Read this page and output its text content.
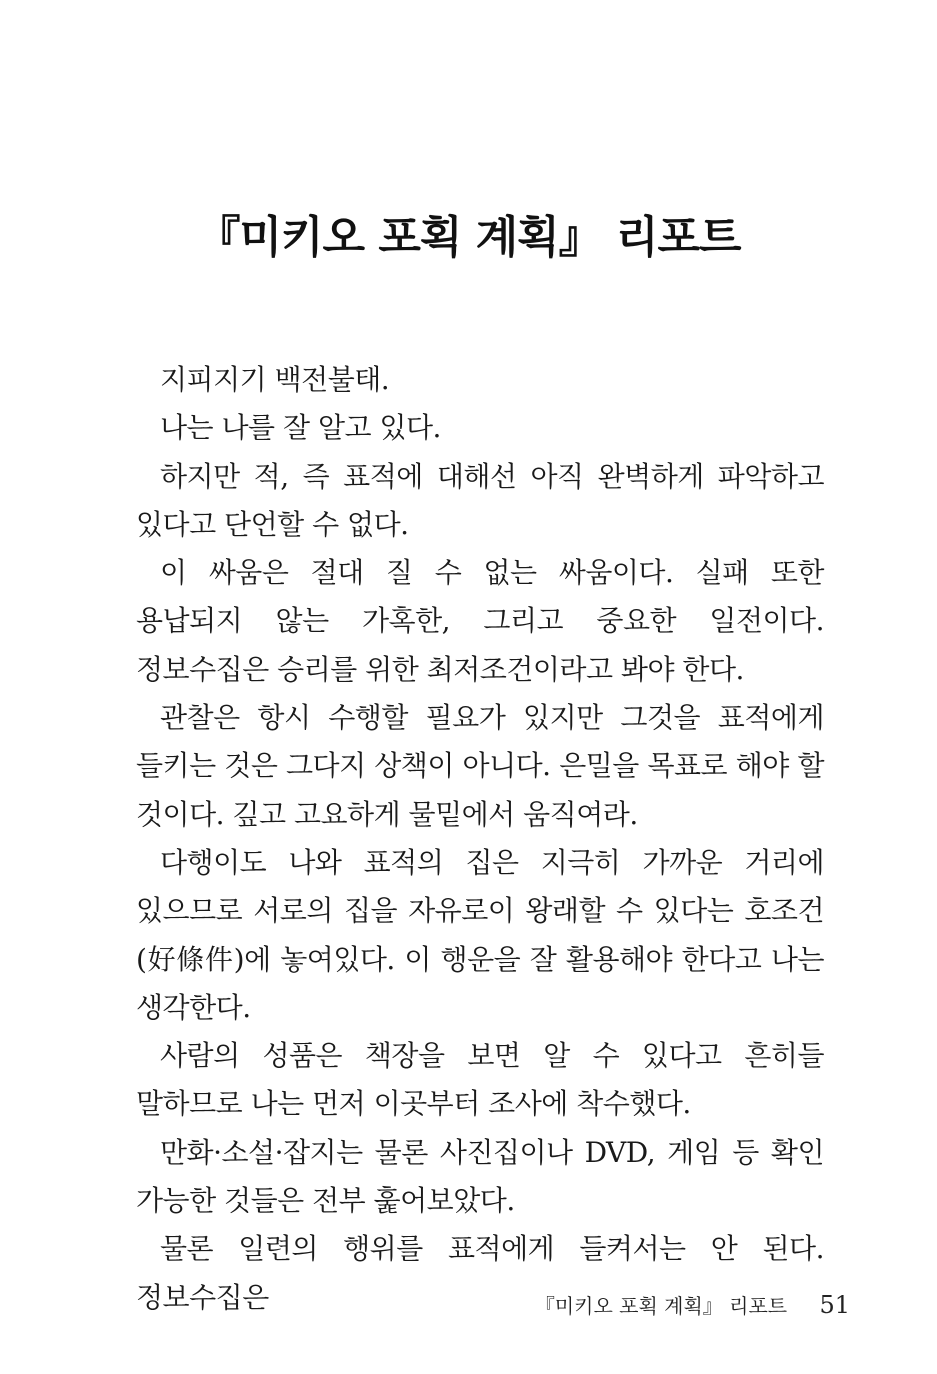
『미키오 포획 계획』 리포트

지피지기 백전불태.

나는 나를 잘 알고 있다.

하지만 적, 즉 표적에 대해선 아직 완벽하게 파악하고 있다고 단언할 수 없다.

이 싸움은 절대 질 수 없는 싸움이다. 실패 또한 용납되지 않는 가혹한, 그리고 중요한 일전이다. 정보수집은 승리를 위한 최저조건이라고 봐야 한다.

관찰은 항시 수행할 필요가 있지만 그것을 표적에게 들키는 것은 그다지 상책이 아니다. 은밀을 목표로 해야 할 것이다. 깊고 고요하게 물밑에서 움직여라.

다행이도 나와 표적의 집은 지극히 가까운 거리에 있으므로 서로의 집을 자유로이 왕래할 수 있다는 호조건(好條件)에 놓여있다. 이 행운을 잘 활용해야 한다고 나는 생각한다.

사람의 성품은 책장을 보면 알 수 있다고 흔히들 말하므로 나는 먼저 이곳부터 조사에 착수했다.

만화·소설·잡지는 물론 사진집이나 DVD, 게임 등 확인 가능한 것들은 전부 훑어보았다.

물론 일련의 행위를 표적에게 들켜서는 안 된다. 정보수집은	『미키오 포획 계획』 리포트 51
